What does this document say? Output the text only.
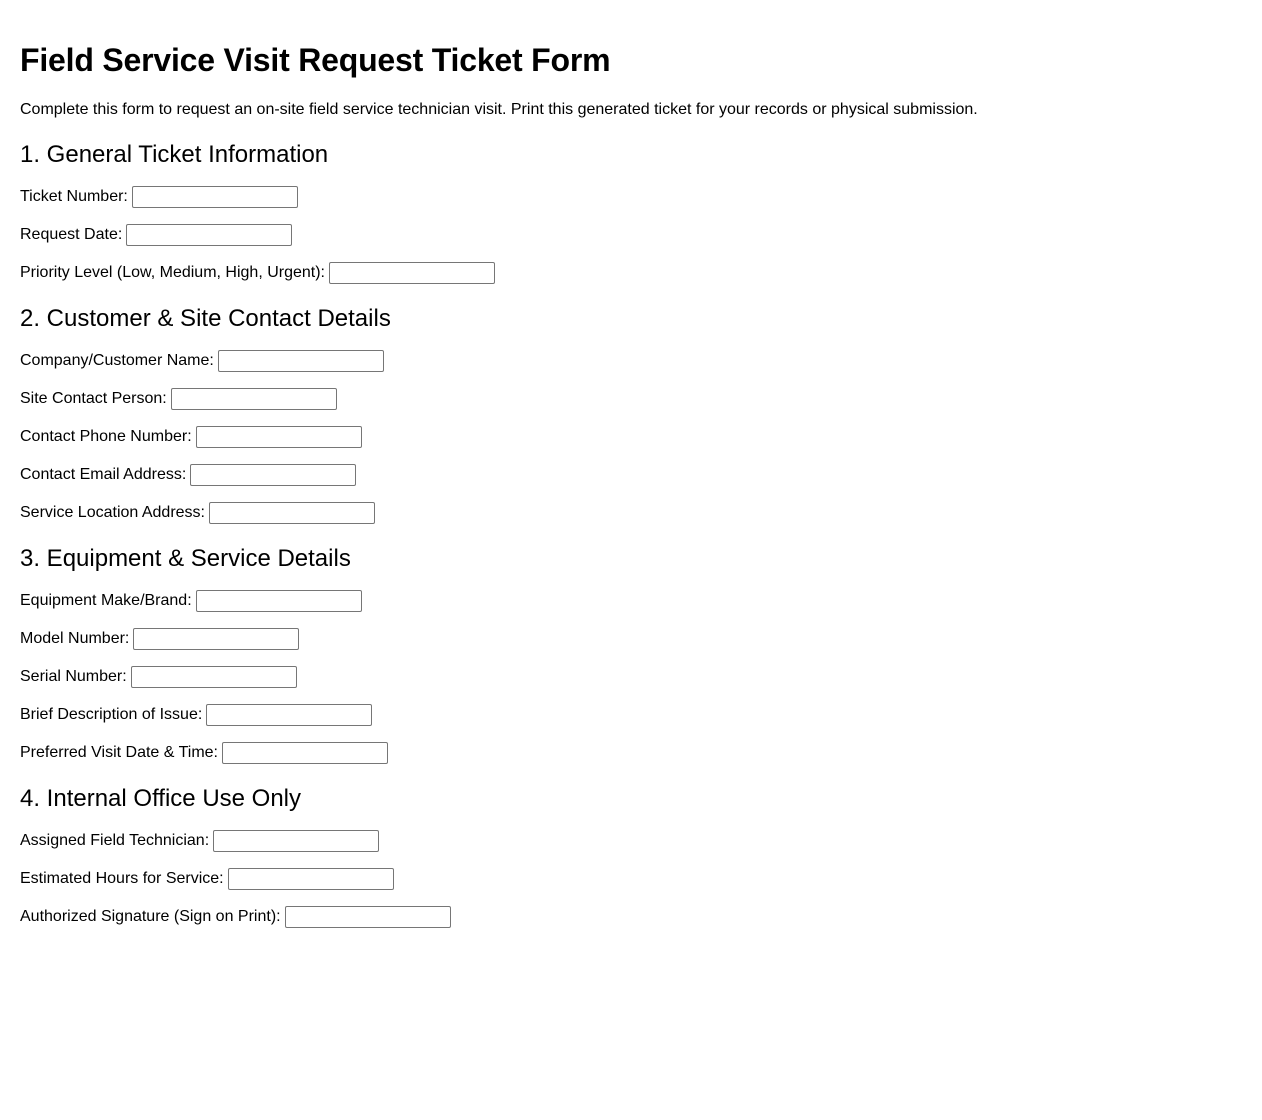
Field Service Visit Request Ticket Form

Complete this form to request an on-site field service technician visit. Print this generated ticket for your records or physical submission.

1. General Ticket Information
Ticket Number:
Request Date:
Priority Level (Low, Medium, High, Urgent):
2. Customer & Site Contact Details
Company/Customer Name:
Site Contact Person:
Contact Phone Number:
Contact Email Address:
Service Location Address:
3. Equipment & Service Details
Equipment Make/Brand:
Model Number:
Serial Number:
Brief Description of Issue:
Preferred Visit Date & Time:
4. Internal Office Use Only
Assigned Field Technician:
Estimated Hours for Service:
Authorized Signature (Sign on Print):
